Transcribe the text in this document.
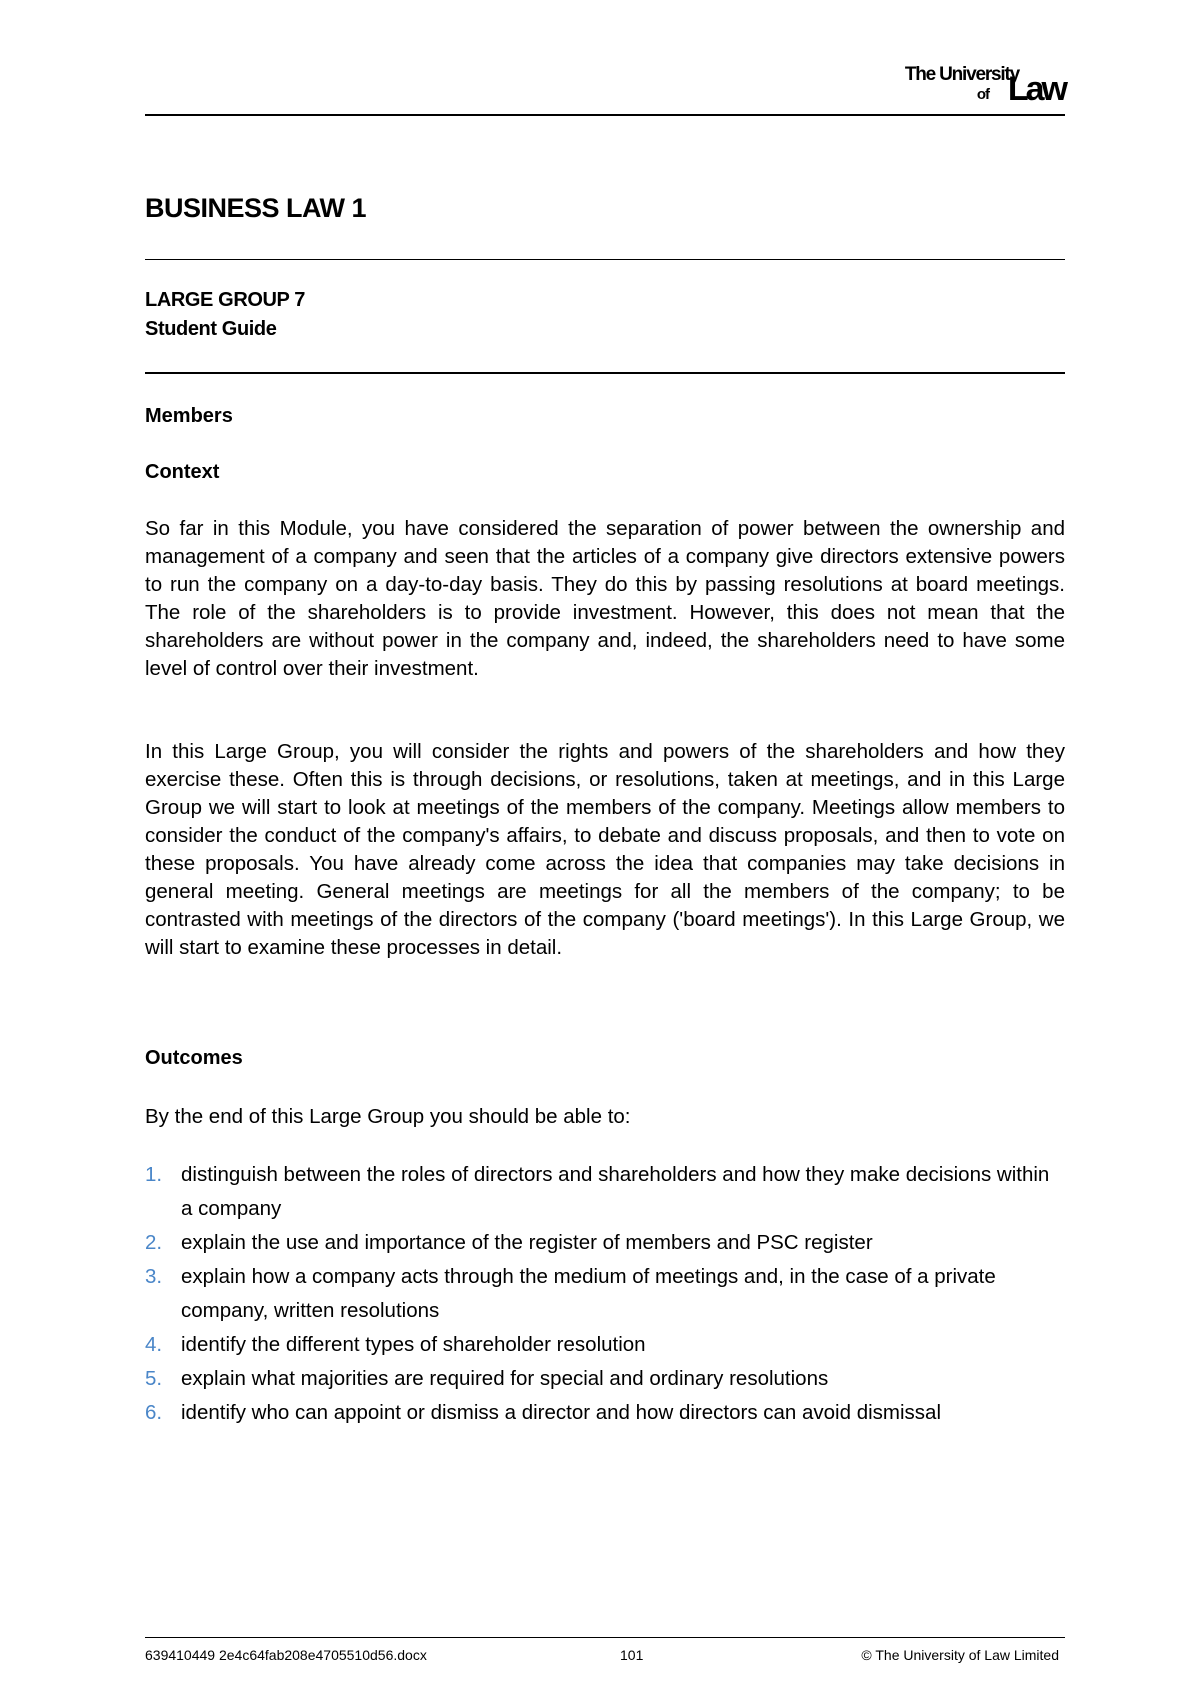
The University
of Law
BUSINESS LAW 1
LARGE GROUP 7
Student Guide
Members
Context
So far in this Module, you have considered the separation of power between the ownership and management of a company and seen that the articles of a company give directors extensive powers to run the company on a day-to-day basis. They do this by passing resolutions at board meetings. The role of the shareholders is to provide investment. However, this does not mean that the shareholders are without power in the company and, indeed, the shareholders need to have some level of control over their investment.
In this Large Group, you will consider the rights and powers of the shareholders and how they exercise these. Often this is through decisions, or resolutions, taken at meetings, and in this Large Group we will start to look at meetings of the members of the company. Meetings allow members to consider the conduct of the company's affairs, to debate and discuss proposals, and then to vote on these proposals. You have already come across the idea that companies may take decisions in general meeting. General meetings are meetings for all the members of the company; to be contrasted with meetings of the directors of the company ('board meetings'). In this Large Group, we will start to examine these processes in detail.
Outcomes
By the end of this Large Group you should be able to:
1. distinguish between the roles of directors and shareholders and how they make decisions within a company
2. explain the use and importance of the register of members and PSC register
3. explain how a company acts through the medium of meetings and, in the case of a private company, written resolutions
4. identify the different types of shareholder resolution
5. explain what majorities are required for special and ordinary resolutions
6. identify who can appoint or dismiss a director and how directors can avoid dismissal
639410449 2e4c64fab208e4705510d56.docx	101	© The University of Law Limited
